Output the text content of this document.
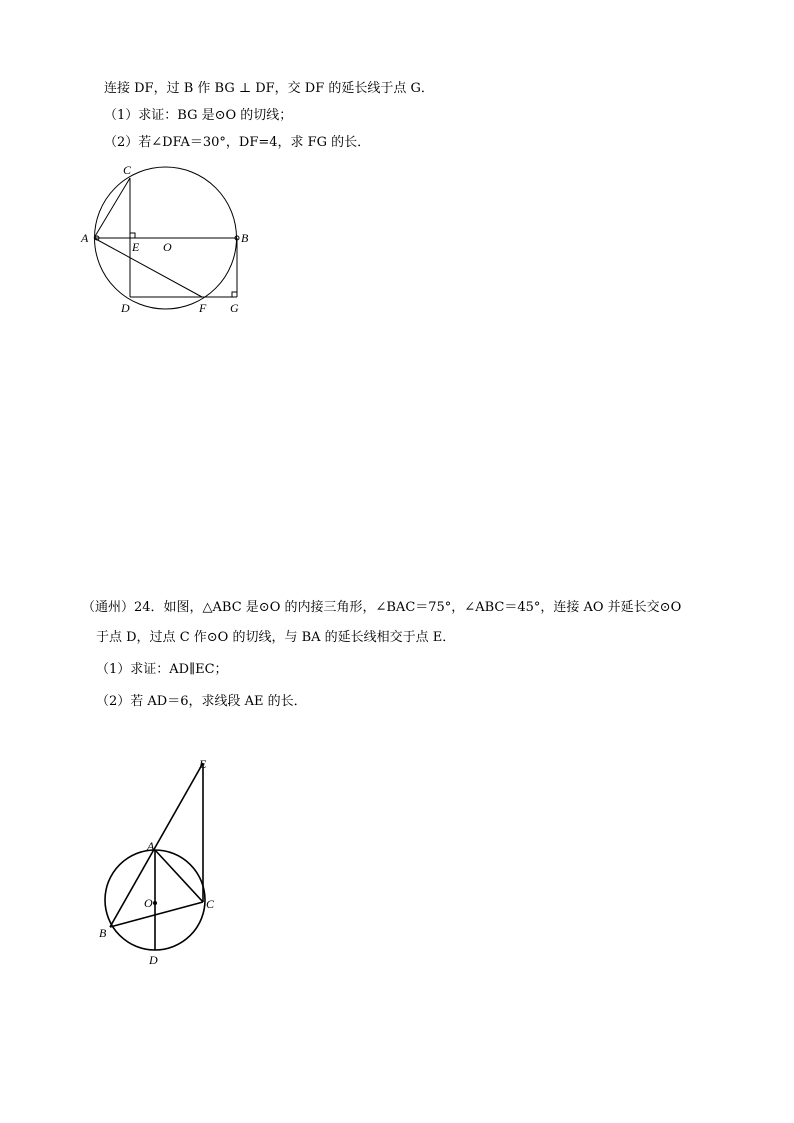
连接 DF，过 B 作 BG ⊥ DF，交 DF 的延长线于点 G．
（1）求证：BG 是⊙O 的切线；
（2）若∠DFA＝30°，DF=4，求 FG 的长．
C
A
E O
B
D	F G
（通州）24．如图，△ABC 是⊙O 的内接三角形，∠BAC＝75°，∠ABC＝45°，连接 AO 并延长交⊙O
于点 D，过点 C 作⊙O 的切线，与 BA 的延长线相交于点 E．
（1）求证：AD∥EC；
（2）若 AD＝6，求线段 AE 的长．
E
A
O	C
B
D
